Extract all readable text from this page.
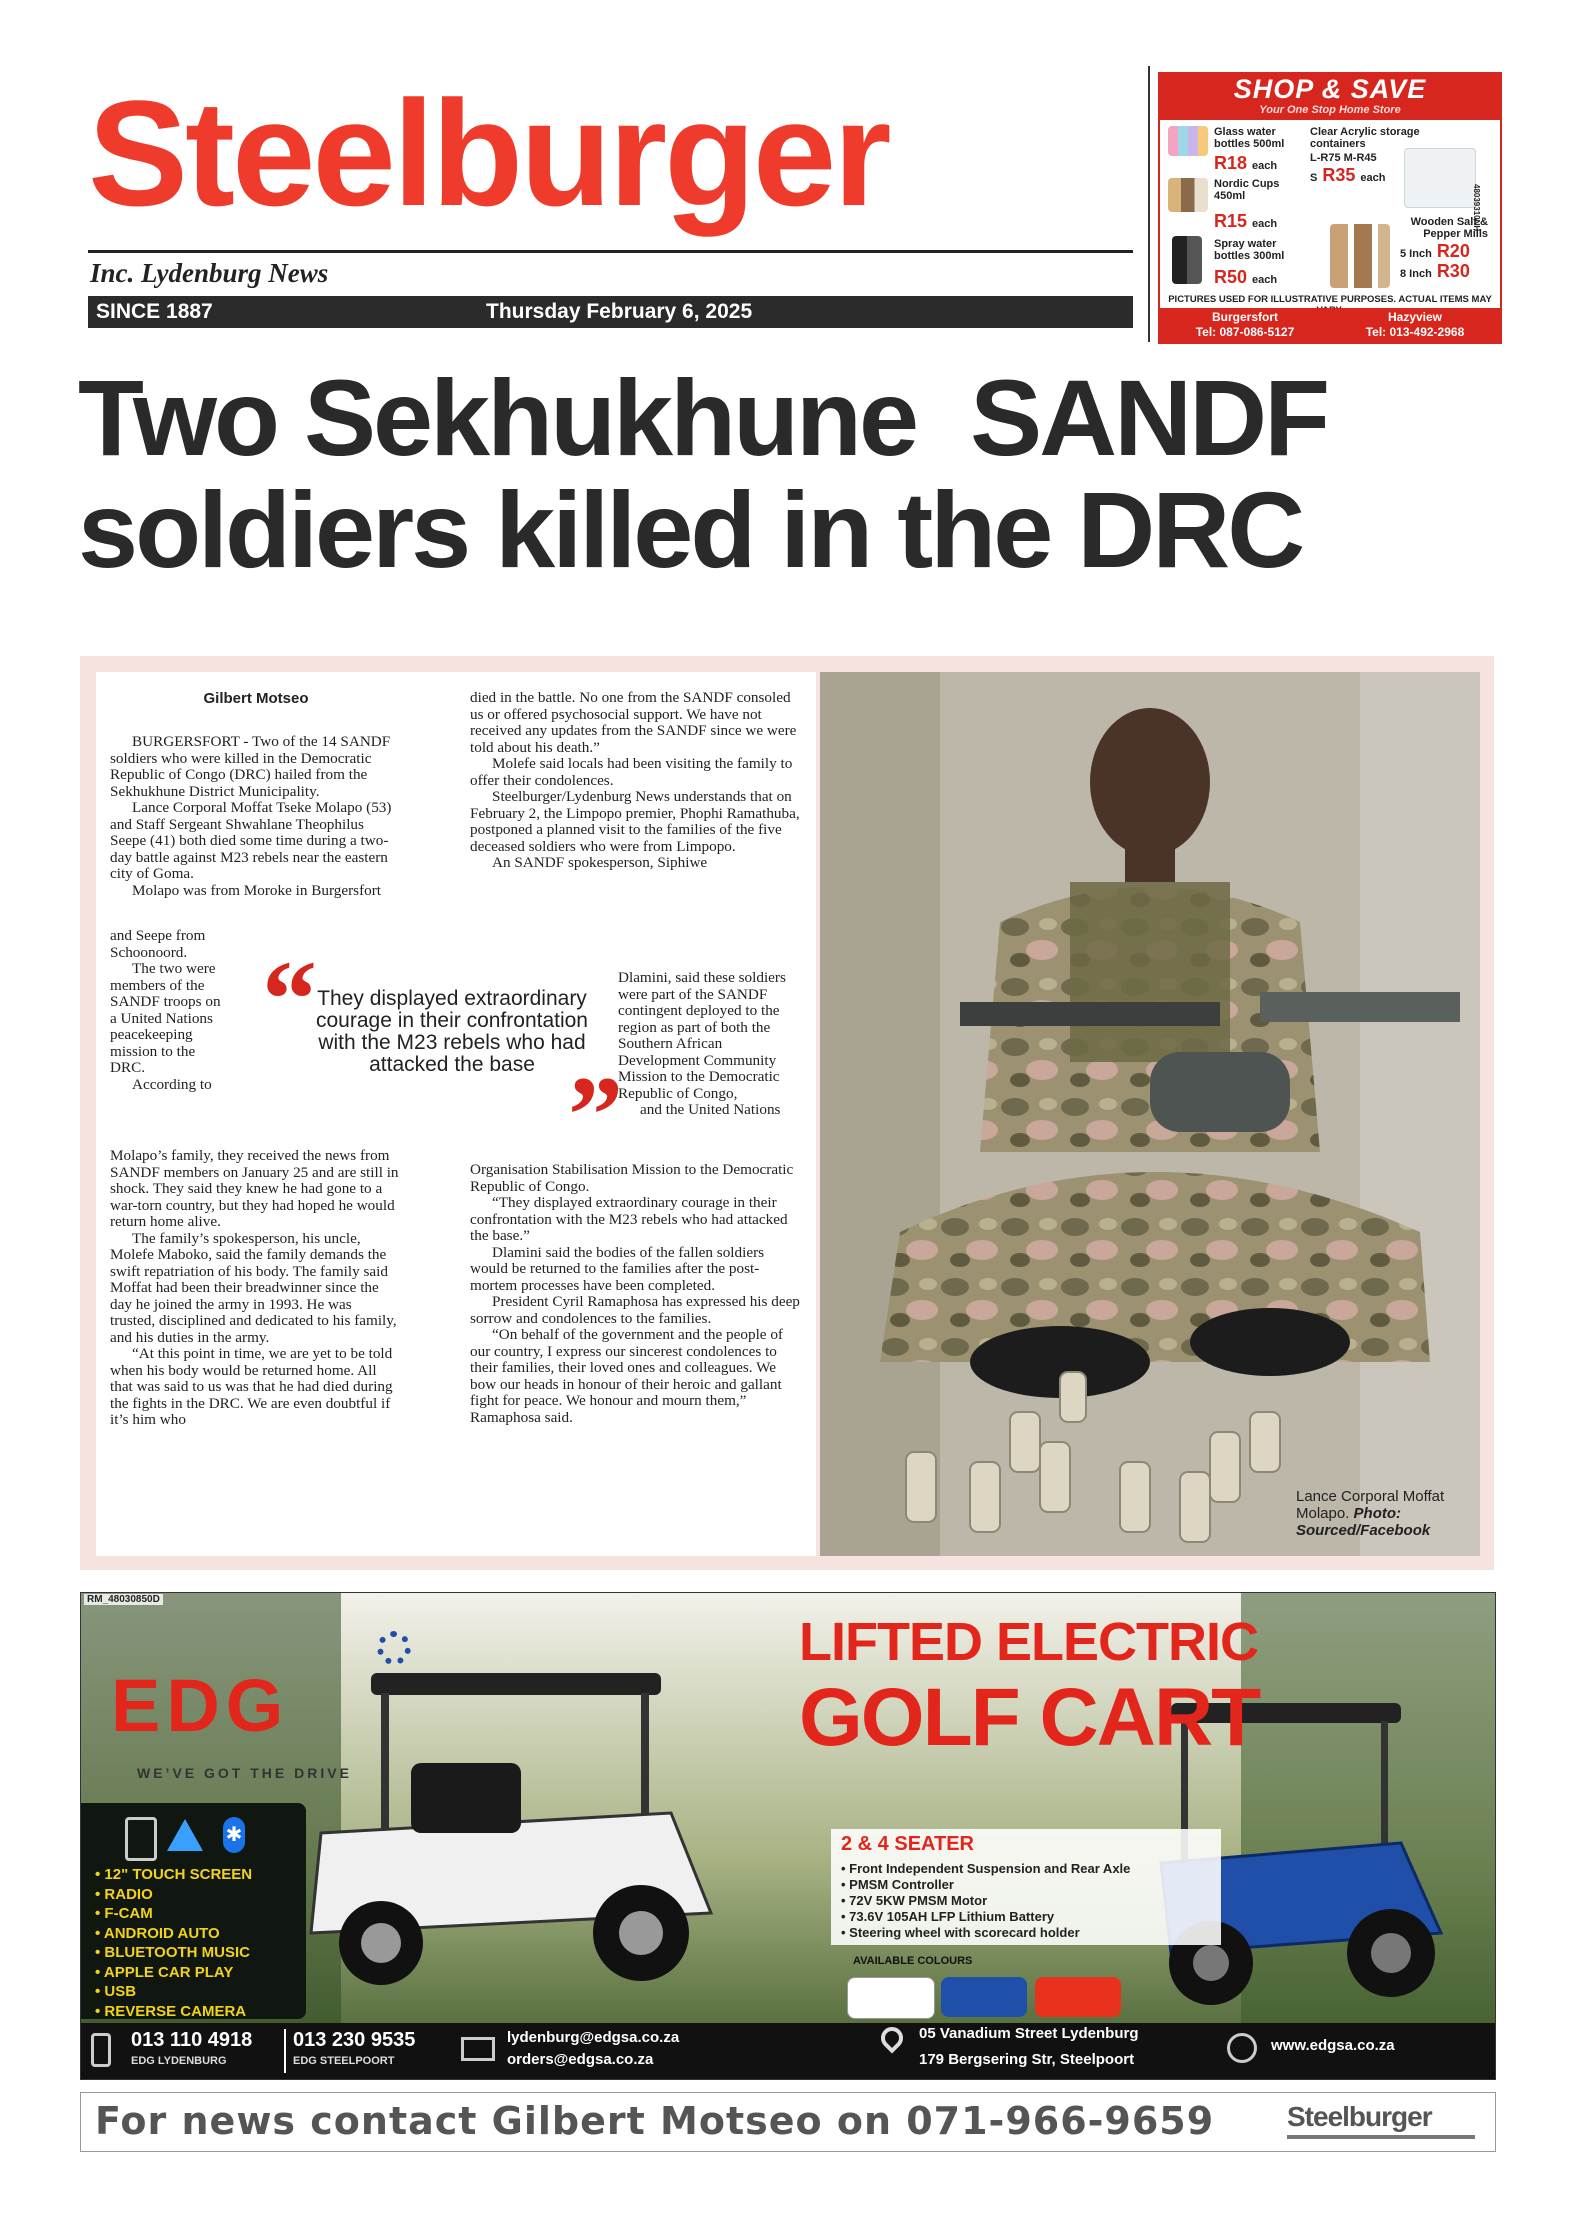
Steelburger
Inc. Lydenburg News
SINCE 1887	Thursday February 6, 2025
SHOP & SAVE
Your One Stop Home Store
Glass water bottles 500ml
R18 each
Nordic Cups 450ml
R15 each
Spray water bottles 300ml
R50 each
Clear Acrylic storage containers
L-R75 M-R45
S R35 each
48039310NH
Wooden Salt & Pepper Mills
5 Inch R20
8 Inch R30
PICTURES USED FOR ILLUSTRATIVE PURPOSES. ACTUAL ITEMS MAY
Burgersfort
Tel: 087-086-5127
Hazyview
Tel: 013-492-2968
Two Sekhukhune  SANDF
soldiers killed in the DRC
Gilbert Motseo

BURGERSFORT - Two of the 14 SANDF soldiers who were killed in the Democratic Republic of Congo (DRC) hailed from the Sekhukhune District Municipality.

Lance Corporal Moffat Tseke Molapo (53) and Staff Sergeant Shwahlane Theophilus Seepe (41) both died some time during a two-day battle against M23 rebels near the eastern city of Goma.

Molapo was from Moroke in Burgersfort

and Seepe from Schoonoord.

The two were members of the SANDF troops on a United Nations peacekeeping mission to the DRC.

According to

Molapo’s family, they received the news from SANDF members on January 25 and are still in shock. They said they knew he had gone to a war-torn country, but they had hoped he would return home alive.

The family’s spokesperson, his uncle, Molefe Maboko, said the family demands the swift repatriation of his body. The family said Moffat had been their breadwinner since the day he joined the army in 1993. He was trusted, disciplined and dedicated to his family, and his duties in the army.

“At this point in time, we are yet to be told when his body would be returned home. All that was said to us was that he had died during the fights in the DRC. We are even doubtful if it’s him who

died in the battle. No one from the SANDF consoled us or offered psychosocial support. We have not received any updates from the SANDF since we were told about his death.”

Molefe said locals had been visiting the family to offer their condolences.

Steelburger/Lydenburg News understands that on February 2, the Limpopo premier, Phophi Ramathuba, postponed a planned visit to the families of the five deceased soldiers who were from Limpopo.

An SANDF spokesperson, Siphiwe

Dlamini, said these soldiers were part of the SANDF contingent deployed to the region as part of both the Southern African Development Community Mission to the Democratic Republic of Congo,

and the United Nations

Organisation Stabilisation Mission to the Democratic Republic of Congo.

“They displayed extraordinary courage in their confrontation with the M23 rebels who had attacked the base.”

Dlamini said the bodies of the fallen soldiers would be returned to the families after the post-mortem processes have been completed.

President Cyril Ramaphosa has expressed his deep sorrow and condolences to the families.

“On behalf of the government and the people of our country, I express our sincerest condolences to their families, their loved ones and colleagues. We bow our heads in honour of their heroic and gallant fight for peace. We honour and mourn them,” Ramaphosa said.

“ They displayed extraordinary courage in their confrontation with the M23 rebels who had attacked the base ”
Lance Corporal Moffat Molapo. Photo: Sourced/Facebook
EDG
WE’VE GOT THE DRIVE
✱
• 12" TOUCH SCREEN
• RADIO
• F-CAM
• ANDROID AUTO
• BLUETOOTH MUSIC
• APPLE CAR PLAY
• USB
• REVERSE CAMERA
LIFTED ELECTRIC
GOLF CART
2 & 4 SEATER
• Front Independent Suspension and Rear Axle
• PMSM Controller
• 72V 5KW PMSM Motor
• 73.6V 105AH LFP Lithium Battery
• Steering wheel with scorecard holder
AVAILABLE COLOURS
013 110 4918
EDG LYDENBURG
013 230 9535
EDG STEELPOORT
lydenburg@edgsa.co.za
orders@edgsa.co.za
05 Vanadium Street Lydenburg
179 Bergsering Str, Steelpoort
www.edgsa.co.za
RM_48030850D
For news contact Gilbert Motseo on 071-966-9659	Steelburger
